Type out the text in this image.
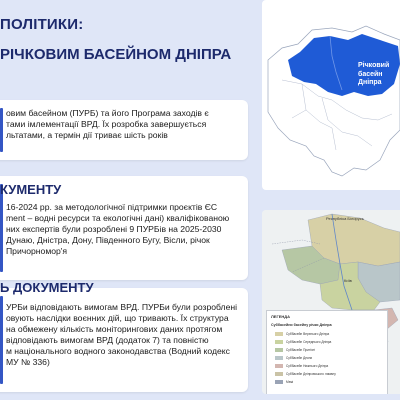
ПОЛІТИКИ:
РІЧКОВИМ БАСЕЙНОМ ДНІПРА
овим басейном (ПУРБ) та його Програма заходів є
тами імлементації ВРД. Їх розробка завершується
льтатами, а термін дії триває шість років
КУМЕНТУ
16-2024 рр. за методологічної підтримки проєктів ЄС
ment – водні ресурси та екологічні дані) кваліфікованою
них експертів були розроблені 9 ПУРБів на 2025-2030
Дунаю, Дністра, Дону, Південного Бугу, Вісли, річок
Причорномор'я
Ь ДОКУМЕНТУ
УРБи відповідають вимогам ВРД. ПУРБи були розроблені
овують наслідки воєнних дій, що тривають. Їх структура
на обмежену кількість моніторингових даних протягом
відповідають вимогам ВРД (додаток 7) та повністю
м національного водного законодавства (Водний кодекс
МУ № 336)
Річковий
басейн Дніпра
Республіка Білорусь
Київ
ЛЕГЕНДА
Суббасейни басейну річки Дніпра
Суббасейн Верхнього Дніпра
Суббасейн Середнього Дніпра
Суббасейн Прип'яті
Суббасейн Десни
Суббасейн Нижнього Дніпра
Суббасейн Дніпровського лиману
Межі
